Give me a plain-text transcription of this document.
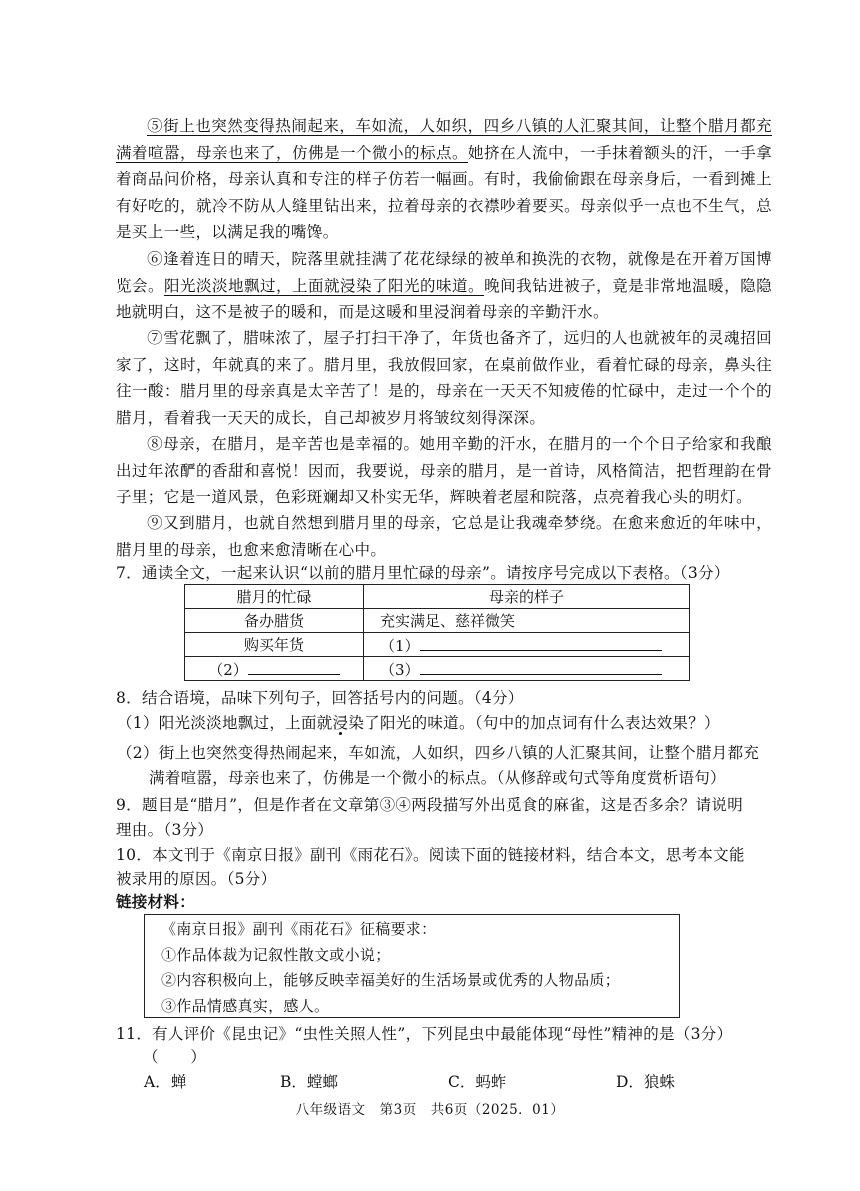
⑤街上也突然变得热闹起来，车如流，人如织，四乡八镇的人汇聚其间，让整个腊月都充满着喧嚣，母亲也来了，仿佛是一个微小的标点。她挤在人流中，一手抹着额头的汗，一手拿着商品问价格，母亲认真和专注的样子仿若一幅画。有时，我偷偷跟在母亲身后，一看到摊上有好吃的，就冷不防从人缝里钻出来，拉着母亲的衣襟吵着要买。母亲似乎一点也不生气，总是买上一些，以满足我的嘴馋。
⑥逢着连日的晴天，院落里就挂满了花花绿绿的被单和换洗的衣物，就像是在开着万国博览会。阳光淡淡地飘过，上面就浸染了阳光的味道。晚间我钻进被子，竟是非常地温暖，隐隐地就明白，这不是被子的暖和，而是这暖和里浸润着母亲的辛勤汗水。
⑦雪花飘了，腊味浓了，屋子打扫干净了，年货也备齐了，远归的人也就被年的灵魂招回家了，这时，年就真的来了。腊月里，我放假回家，在桌前做作业，看着忙碌的母亲，鼻头往往一酸：腊月里的母亲真是太辛苦了！是的，母亲在一天天不知疲倦的忙碌中，走过一个个的腊月，看着我一天天的成长，自己却被岁月将皱纹刻得深深。
⑧母亲，在腊月，是辛苦也是幸福的。她用辛勤的汗水，在腊月的一个个日子给家和我酿出过年浓酽的香甜和喜悦！因而，我要说，母亲的腊月，是一首诗，风格简洁，把哲理韵在骨子里；它是一道风景，色彩斑斓却又朴实无华，辉映着老屋和院落，点亮着我心头的明灯。
⑨又到腊月，也就自然想到腊月里的母亲，它总是让我魂牵梦绕。在愈来愈近的年味中，腊月里的母亲，也愈来愈清晰在心中。
7．通读全文，一起来认识“以前的腊月里忙碌的母亲”。请按序号完成以下表格。（3分）
腊月的忙碌	母亲的样子
备办腊货	充实满足、慈祥微笑
购买年货	（1）
（2）	（3）
8．结合语境，品味下列句子，回答括号内的问题。（4分）
（1）阳光淡淡地飘过，上面就浸染了阳光的味道。（句中的加点词有什么表达效果？）
（2）街上也突然变得热闹起来，车如流，人如织，四乡八镇的人汇聚其间，让整个腊月都充
满着喧嚣，母亲也来了，仿佛是一个微小的标点。（从修辞或句式等角度赏析语句）
9．题目是“腊月”，但是作者在文章第③④两段描写外出觅食的麻雀，这是否多余？请说明
理由。（3分）
10．本文刊于《南京日报》副刊《雨花石》。阅读下面的链接材料，结合本文，思考本文能
被录用的原因。（5分）
链接材料：
《南京日报》副刊《雨花石》征稿要求：
①作品体裁为记叙性散文或小说；
②内容积极向上，能够反映幸福美好的生活场景或优秀的人物品质；
③作品情感真实，感人。
11．有人评价《昆虫记》“虫性关照人性”，下列昆虫中最能体现“母性”精神的是（3分）
（　　）
A．蝉	B．螳螂	C．蚂蚱	D．狼蛛
八年级语文　第3页　共6页（2025．01）
